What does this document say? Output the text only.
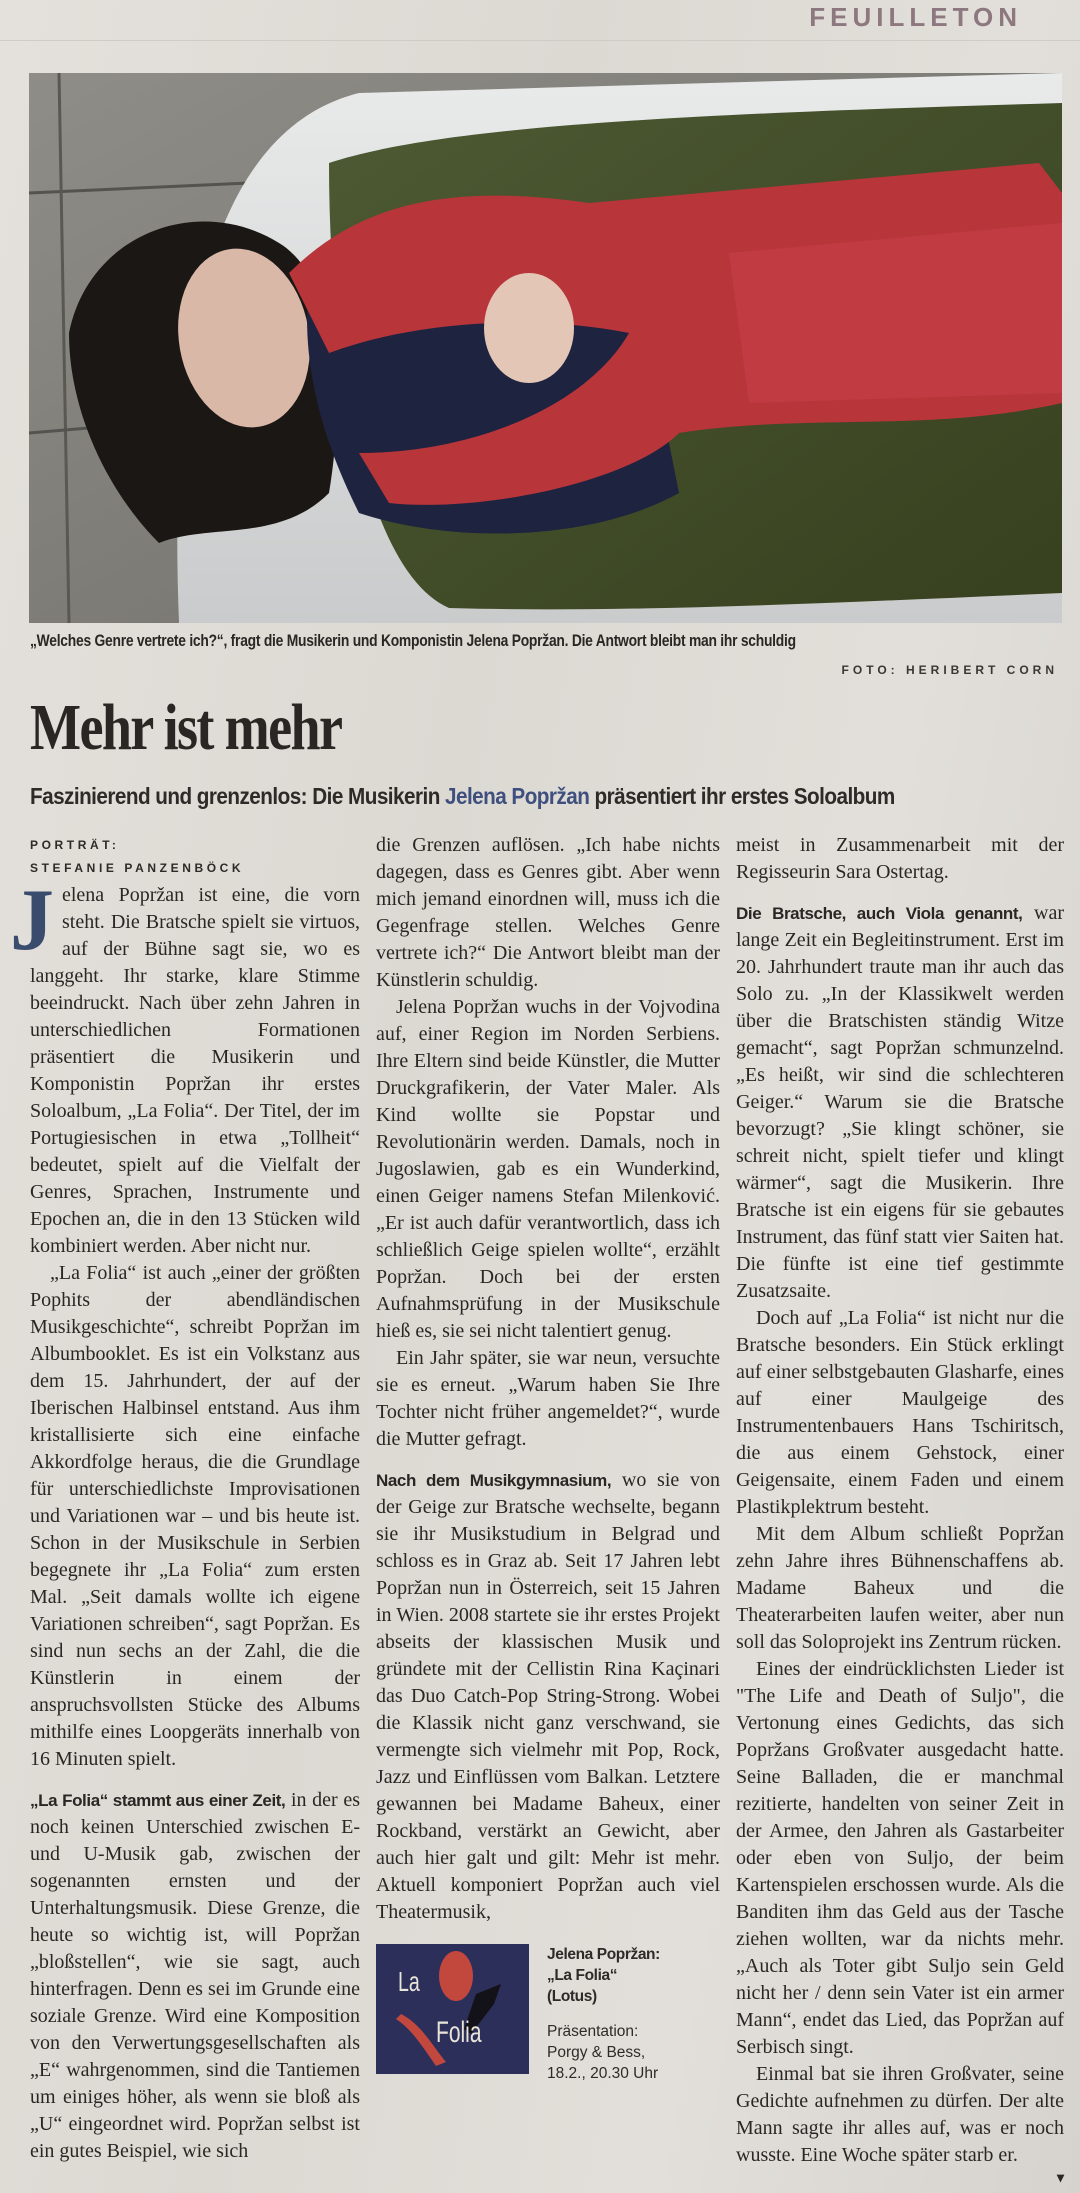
FEUILLETON
„Welches Genre vertrete ich?“, fragt die Musikerin und Komponistin Jelena Popržan. Die Antwort bleibt man ihr schuldig
FOTO: HERIBERT CORN
Mehr ist mehr
Faszinierend und grenzenlos: Die Musikerin Jelena Popržan präsentiert ihr erstes Soloalbum
PORTRÄT:
STEFANIE PANZENBÖCK

Jelena Popržan ist eine, die vorn steht. Die Bratsche spielt sie virtuos, auf der Bühne sagt sie, wo es langgeht. Ihr starke, klare Stimme beeindruckt. Nach über zehn Jahren in unterschiedlichen Formationen präsentiert die Musikerin und Komponistin Popržan ihr erstes Soloalbum, „La Folia“. Der Titel, der im Portugiesischen in etwa „Tollheit“ bedeutet, spielt auf die Vielfalt der Genres, Sprachen, Instrumente und Epochen an, die in den 13 Stücken wild kombiniert werden. Aber nicht nur.

„La Folia“ ist auch „einer der größten Pophits der abendländischen Musikgeschichte“, schreibt Popržan im Albumbooklet. Es ist ein Volkstanz aus dem 15. Jahrhundert, der auf der Iberischen Halbinsel entstand. Aus ihm kristallisierte sich eine einfache Akkordfolge heraus, die die Grundlage für unterschiedlichste Improvisationen und Variationen war – und bis heute ist. Schon in der Musikschule in Serbien begegnete ihr „La Folia“ zum ersten Mal. „Seit damals wollte ich eigene Variationen schreiben“, sagt Popržan. Es sind nun sechs an der Zahl, die die Künstlerin in einem der anspruchsvollsten Stücke des Albums mithilfe eines Loopgeräts innerhalb von 16 Minuten spielt.

„La Folia“ stammt aus einer Zeit, in der es noch keinen Unterschied zwischen E- und U-Musik gab, zwischen der sogenannten ernsten und der Unterhaltungsmusik. Diese Grenze, die heute so wichtig ist, will Popržan „bloßstellen“, wie sie sagt, auch hinterfragen. Denn es sei im Grunde eine soziale Grenze. Wird eine Komposition von den Verwertungsgesellschaften als „E“ wahrgenommen, sind die Tantiemen um einiges höher, als wenn sie bloß als „U“ eingeordnet wird. Popržan selbst ist ein gutes Beispiel, wie sich

die Grenzen auflösen. „Ich habe nichts dagegen, dass es Genres gibt. Aber wenn mich jemand einordnen will, muss ich die Gegenfrage stellen. Welches Genre vertrete ich?“ Die Antwort bleibt man der Künstlerin schuldig.

Jelena Popržan wuchs in der Vojvodina auf, einer Region im Norden Serbiens. Ihre Eltern sind beide Künstler, die Mutter Druckgrafikerin, der Vater Maler. Als Kind wollte sie Popstar und Revolutionärin werden. Damals, noch in Jugoslawien, gab es ein Wunderkind, einen Geiger namens Stefan Milenković. „Er ist auch dafür verantwortlich, dass ich schließlich Geige spielen wollte“, erzählt Popržan. Doch bei der ersten Aufnahmsprüfung in der Musikschule hieß es, sie sei nicht talentiert genug.

Ein Jahr später, sie war neun, versuchte sie es erneut. „Warum haben Sie Ihre Tochter nicht früher angemeldet?“, wurde die Mutter gefragt.

Nach dem Musikgymnasium, wo sie von der Geige zur Bratsche wechselte, begann sie ihr Musikstudium in Belgrad und schloss es in Graz ab. Seit 17 Jahren lebt Popržan nun in Österreich, seit 15 Jahren in Wien. 2008 startete sie ihr erstes Projekt abseits der klassischen Musik und gründete mit der Cellistin Rina Kaçinari das Duo Catch-Pop String-Strong. Wobei die Klassik nicht ganz verschwand, sie vermengte sich vielmehr mit Pop, Rock, Jazz und Einflüssen vom Balkan. Letztere gewannen bei Madame Baheux, einer Rockband, verstärkt an Gewicht, aber auch hier galt und gilt: Mehr ist mehr. Aktuell komponiert Popržan auch viel Theatermusik,

La
Folia
Jelena Popržan:
„La Folia“
(Lotus)
Präsentation:
Porgy & Bess,
18.2., 20.30 Uhr

meist in Zusammenarbeit mit der Regisseurin Sara Ostertag.

Die Bratsche, auch Viola genannt, war lange Zeit ein Begleitinstrument. Erst im 20. Jahrhundert traute man ihr auch das Solo zu. „In der Klassikwelt werden über die Bratschisten ständig Witze gemacht“, sagt Popržan schmunzelnd. „Es heißt, wir sind die schlechteren Geiger.“ Warum sie die Bratsche bevorzugt? „Sie klingt schöner, sie schreit nicht, spielt tiefer und klingt wärmer“, sagt die Musikerin. Ihre Bratsche ist ein eigens für sie gebautes Instrument, das fünf statt vier Saiten hat. Die fünfte ist eine tief gestimmte Zusatzsaite.

Doch auf „La Folia“ ist nicht nur die Bratsche besonders. Ein Stück erklingt auf einer selbstgebauten Glasharfe, eines auf einer Maulgeige des Instrumentenbauers Hans Tschiritsch, die aus einem Gehstock, einer Geigensaite, einem Faden und einem Plastikplektrum besteht.

Mit dem Album schließt Popržan zehn Jahre ihres Bühnenschaffens ab. Madame Baheux und die Theaterarbeiten laufen weiter, aber nun soll das Soloprojekt ins Zentrum rücken.

Eines der eindrücklichsten Lieder ist "The Life and Death of Suljo", die Vertonung eines Gedichts, das sich Popržans Großvater ausgedacht hatte. Seine Balladen, die er manchmal rezitierte, handelten von seiner Zeit in der Armee, den Jahren als Gastarbeiter oder eben von Suljo, der beim Kartenspielen erschossen wurde. Als die Banditen ihm das Geld aus der Tasche ziehen wollten, war da nichts mehr. „Auch als Toter gibt Suljo sein Geld nicht her / denn sein Vater ist ein armer Mann“, endet das Lied, das Popržan auf Serbisch singt.

Einmal bat sie ihren Großvater, seine Gedichte aufnehmen zu dürfen. Der alte Mann sagte ihr alles auf, was er noch wusste. Eine Woche später starb er.

▾
